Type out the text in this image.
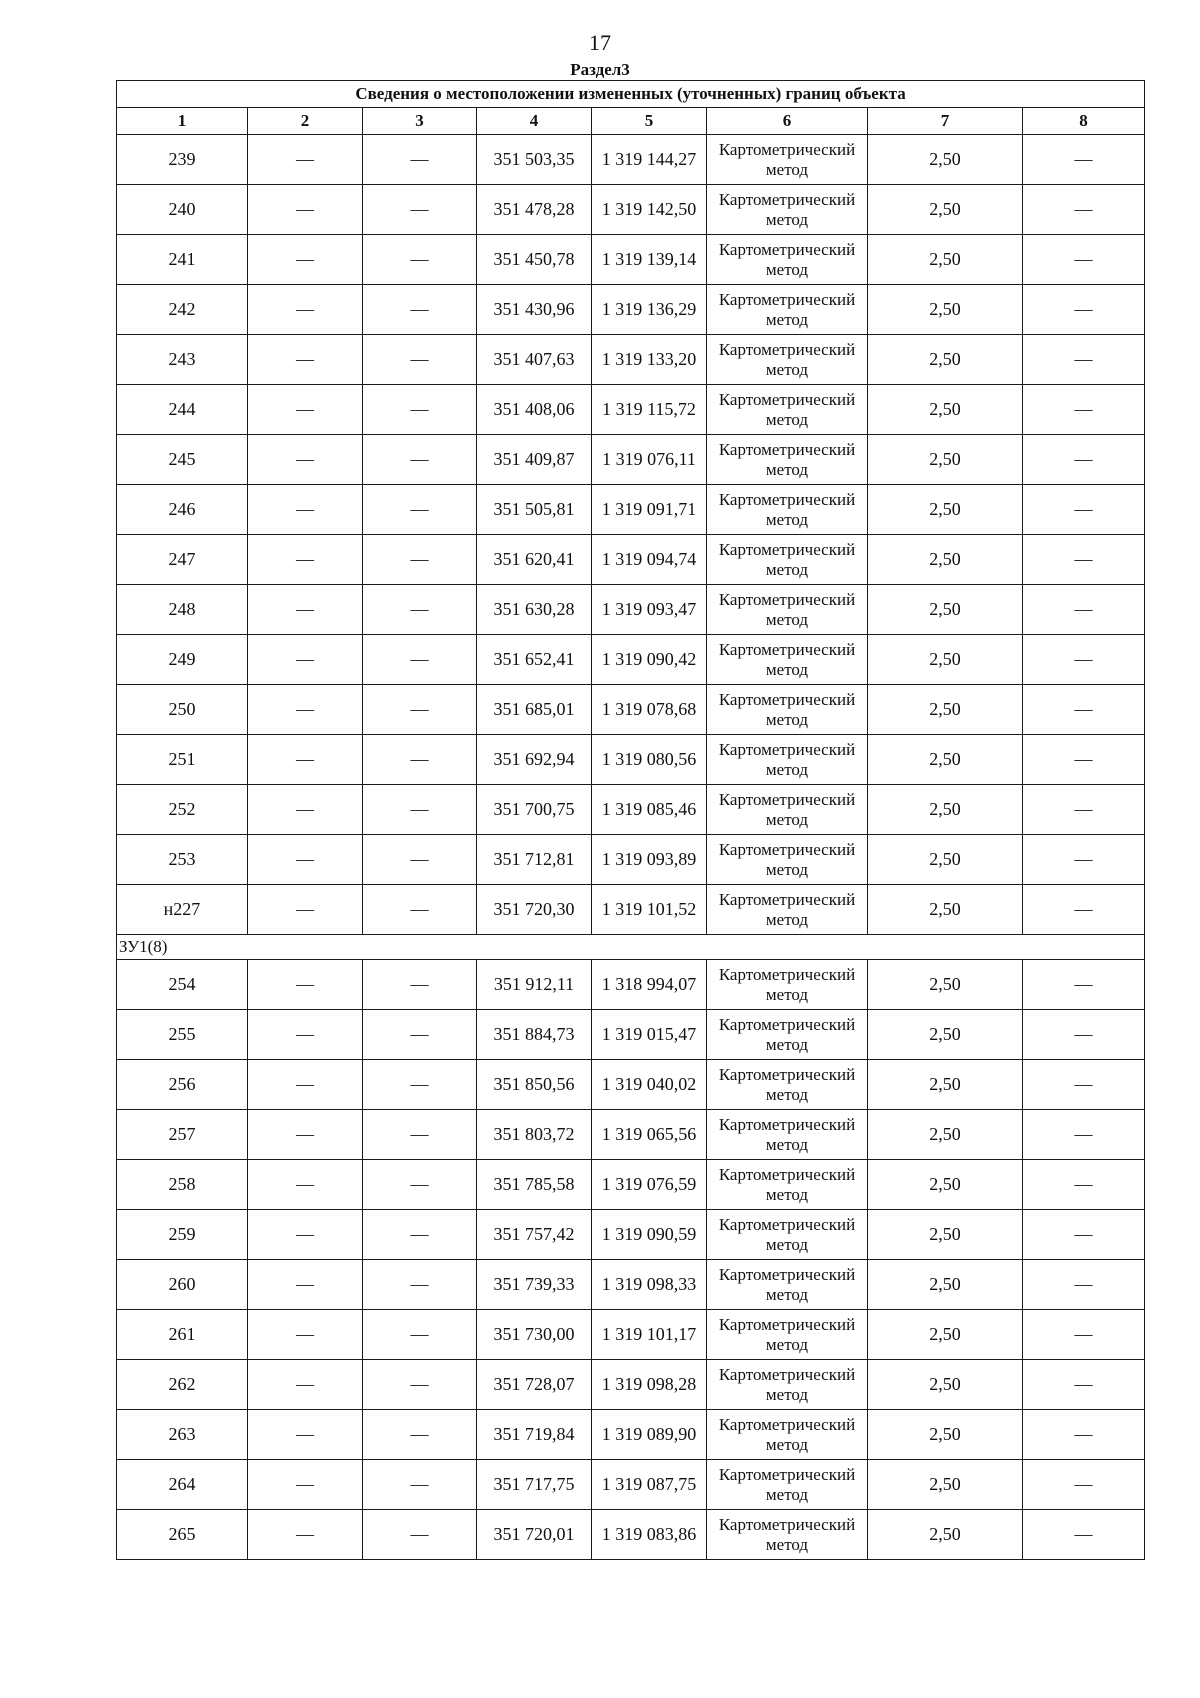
17
Раздел3
Сведения о местоположении измененных (уточненных) границ объекта							
1	2	3	4	5	6	7	8
239	—	—	351 503,35	1 319 144,27	Картометрический метод	2,50	—
240	—	—	351 478,28	1 319 142,50	Картометрический метод	2,50	—
241	—	—	351 450,78	1 319 139,14	Картометрический метод	2,50	—
242	—	—	351 430,96	1 319 136,29	Картометрический метод	2,50	—
243	—	—	351 407,63	1 319 133,20	Картометрический метод	2,50	—
244	—	—	351 408,06	1 319 115,72	Картометрический метод	2,50	—
245	—	—	351 409,87	1 319 076,11	Картометрический метод	2,50	—
246	—	—	351 505,81	1 319 091,71	Картометрический метод	2,50	—
247	—	—	351 620,41	1 319 094,74	Картометрический метод	2,50	—
248	—	—	351 630,28	1 319 093,47	Картометрический метод	2,50	—
249	—	—	351 652,41	1 319 090,42	Картометрический метод	2,50	—
250	—	—	351 685,01	1 319 078,68	Картометрический метод	2,50	—
251	—	—	351 692,94	1 319 080,56	Картометрический метод	2,50	—
252	—	—	351 700,75	1 319 085,46	Картометрический метод	2,50	—
253	—	—	351 712,81	1 319 093,89	Картометрический метод	2,50	—
н227	—	—	351 720,30	1 319 101,52	Картометрический метод	2,50	—
ЗУ1(8)							
254	—	—	351 912,11	1 318 994,07	Картометрический метод	2,50	—
255	—	—	351 884,73	1 319 015,47	Картометрический метод	2,50	—
256	—	—	351 850,56	1 319 040,02	Картометрический метод	2,50	—
257	—	—	351 803,72	1 319 065,56	Картометрический метод	2,50	—
258	—	—	351 785,58	1 319 076,59	Картометрический метод	2,50	—
259	—	—	351 757,42	1 319 090,59	Картометрический метод	2,50	—
260	—	—	351 739,33	1 319 098,33	Картометрический метод	2,50	—
261	—	—	351 730,00	1 319 101,17	Картометрический метод	2,50	—
262	—	—	351 728,07	1 319 098,28	Картометрический метод	2,50	—
263	—	—	351 719,84	1 319 089,90	Картометрический метод	2,50	—
264	—	—	351 717,75	1 319 087,75	Картометрический метод	2,50	—
265	—	—	351 720,01	1 319 083,86	Картометрический метод	2,50	—
